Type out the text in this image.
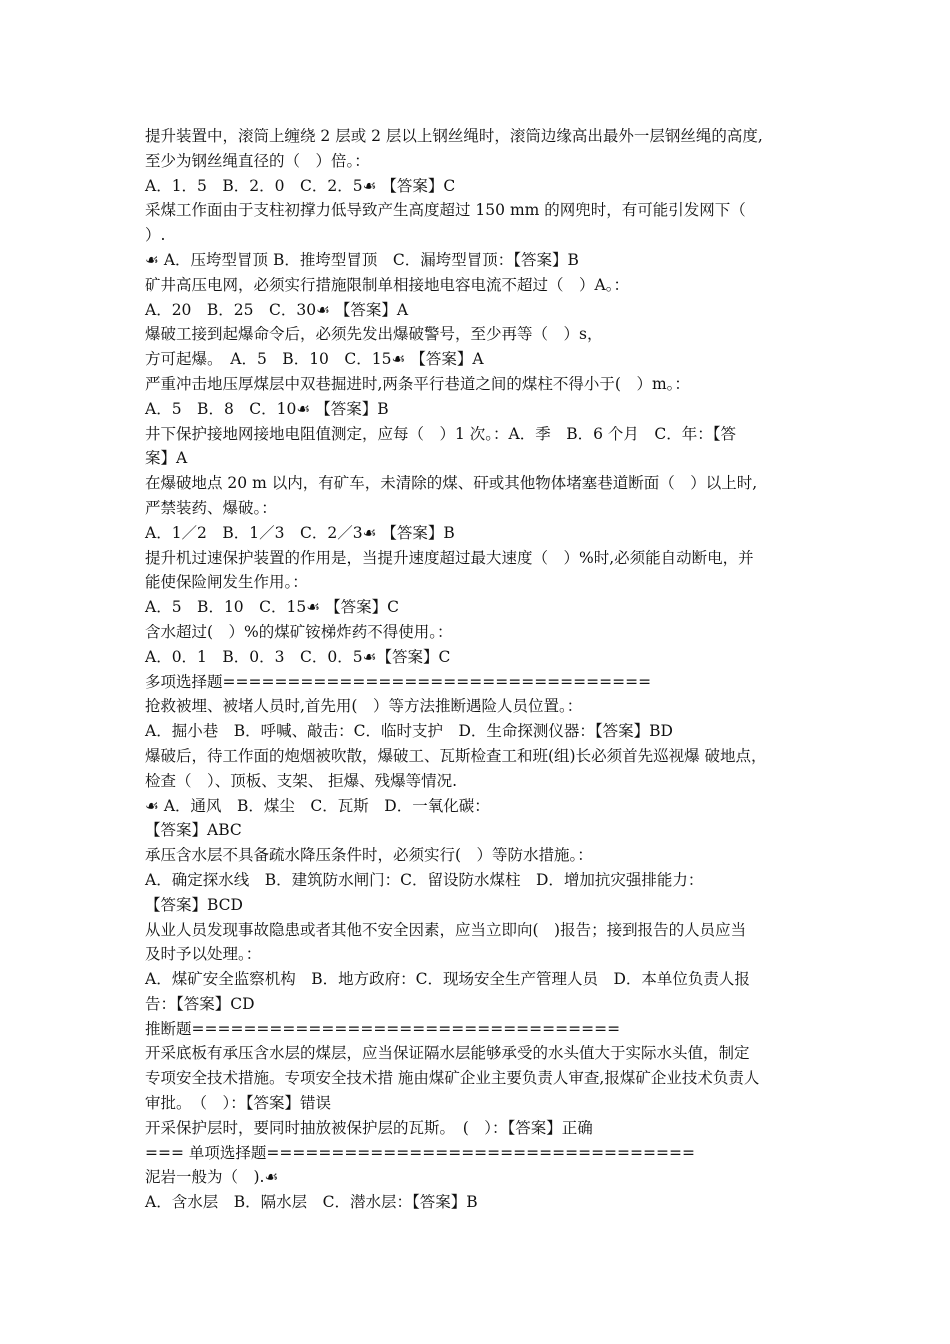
提升装置中，滚筒上缠绕 2 层或 2 层以上钢丝绳时，滚筒边缘高出最外一层钢丝绳的高度,
至少为钢丝绳直径的（　）倍。：
A．1．5　B．2．0　C．2．5☙ 【答案】C
采煤工作面由于支柱初撑力低导致产生高度超过 150 mm 的网兜时，有可能引发网下（
）.
☙ A．压垮型冒顶 B．推垮型冒顶　C．漏垮型冒顶：【答案】B
矿井高压电网，必须实行措施限制单相接地电容电流不超过（　）A。：
A．20　B．25　C．30☙ 【答案】A
爆破工接到起爆命令后，必须先发出爆破警号，至少再等（　）s，
方可起爆。　A．5　B．10　C．15☙ 【答案】A
严重冲击地压厚煤层中双巷掘进时,两条平行巷道之间的煤柱不得小于(　）m。：
A．5　B．8　C．10☙ 【答案】B
井下保护接地网接地电阻值测定，应每（　）1 次。：A．季　B．6 个月　C．年：【答
案】A
在爆破地点 20 m 以内，有矿车，未清除的煤、矸或其他物体堵塞巷道断面（　）以上时,
严禁装药、爆破。：
A．1／2　B．1／3　C．2／3☙ 【答案】B
提升机过速保护装置的作用是，当提升速度超过最大速度（　）%时,必须能自动断电，并
能使保险闸发生作用。：
A．5　B．10　C．15☙ 【答案】C
含水超过(　）%的煤矿铵梯炸药不得使用。：
A．0．1　B．0．3　C．0．5☙【答案】C
多项选择题=================================
抢救被埋、被堵人员时,首先用(　）等方法推断遇险人员位置。：
A．掘小巷　B．呼喊、敲击：C．临时支护　D．生命探测仪器：【答案】BD
爆破后，待工作面的炮烟被吹散，爆破工、瓦斯检查工和班(组)长必须首先巡视爆 破地点，
检查（　）、顶板、支架、 拒爆、残爆等情况.
☙ A．通风　B．煤尘　C．瓦斯　D．一氧化碳：
【答案】ABC
承压含水层不具备疏水降压条件时，必须实行(　）等防水措施。：
A．确定探水线　B．建筑防水闸门：C．留设防水煤柱　D．增加抗灾强排能力：
【答案】BCD
从业人员发现事故隐患或者其他不安全因素，应当立即向(　)报告；接到报告的人员应当
及时予以处理。：
A．煤矿安全监察机构　B．地方政府：C．现场安全生产管理人员　D．本单位负责人报
告：【答案】CD
推断题=================================
开采底板有承压含水层的煤层，应当保证隔水层能够承受的水头值大于实际水头值，制定
专项安全技术措施。专项安全技术措 施由煤矿企业主要负责人审查,报煤矿企业技术负责人
审批。　（　）：【答案】错误
开采保护层时，要同时抽放被保护层的瓦斯。　(　）：【答案】正确
=== 单项选择题=================================
泥岩一般为（　).☙
A．含水层　B．隔水层　C．潜水层：【答案】B
